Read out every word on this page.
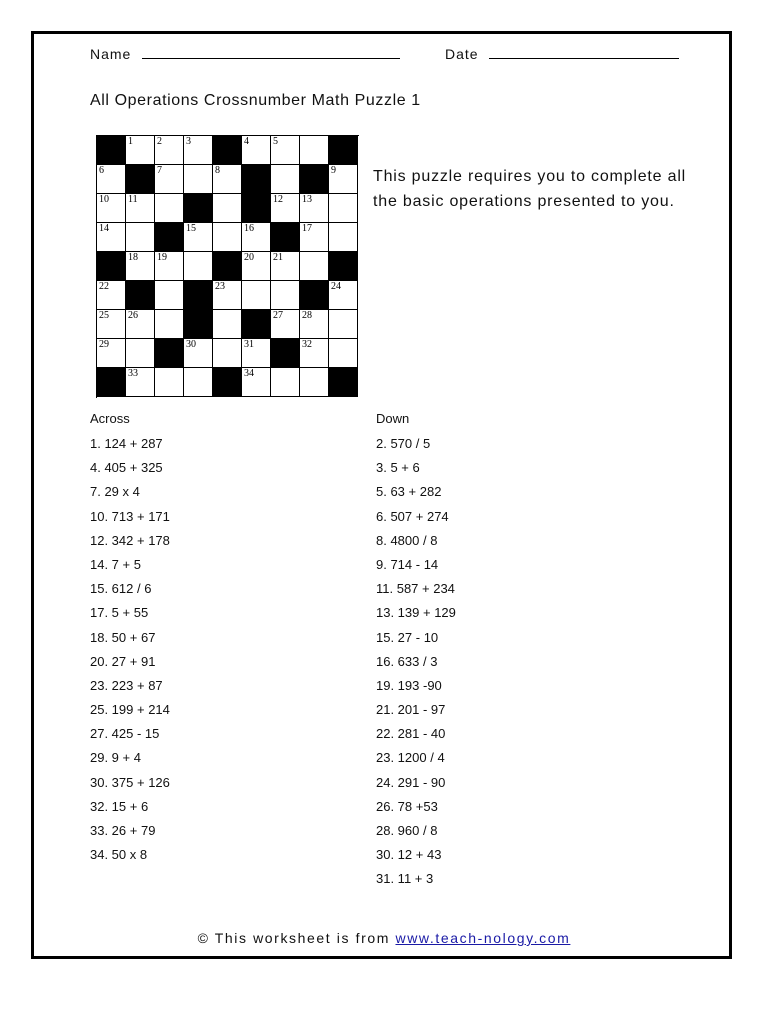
Name	Date
All Operations Crossnumber Math Puzzle 1
1 2 3	4 5
6	7	8	9
10 11	12 13
14	15	16	17
18 19	20 21
22	23	24
25 26	27 28
29	30	31	32
33	34
This puzzle requires you to complete all the basic operations presented to you.
Across
1. 124 + 287
4. 405 + 325
7. 29 x 4
10. 713 + 171
12. 342 + 178
14. 7 + 5
15. 612 / 6
17. 5 + 55
18. 50 + 67
20. 27 + 91
23. 223 + 87
25. 199 + 214
27. 425 - 15
29. 9 + 4
30. 375 + 126
32. 15 + 6
33. 26 + 79
34. 50 x 8
Down
2. 570 / 5
3. 5 + 6
5. 63 + 282
6. 507 + 274
8. 4800 / 8
9. 714 - 14
11. 587 + 234
13. 139 + 129
15. 27 - 10
16. 633 / 3
19. 193 -90
21. 201 - 97
22. 281 - 40
23. 1200 / 4
24. 291 - 90
26. 78 +53
28. 960 / 8
30. 12 + 43
31. 11 + 3
© This worksheet is from www.teach-nology.com
